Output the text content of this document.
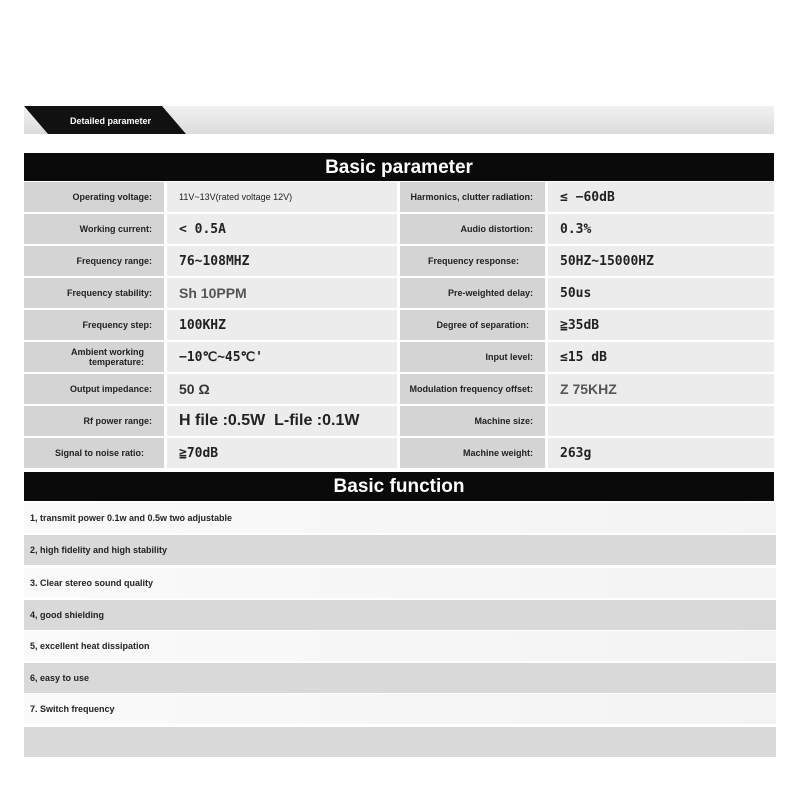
Detailed parameter
Basic parameter
Operating voltage:	11V~13V(rated voltage 12V)	Harmonics, clutter radiation:	≤ −60dB
Working current:	< 0.5A	Audio distortion:	0.3%
Frequency range:	76~108MHZ	Frequency response:	50HZ~15000HZ
Frequency stability:	Sh 10PPM	Pre-weighted delay:	50us
Frequency step:	100KHZ	Degree of separation:	≧35dB
Ambient working temperature:	−10℃~45℃'	Input level:	≤15 dB
Output impedance:	50 Ω	Modulation frequency offset:	Z 75KHZ
Rf power range:	H file :0.5W  L-file :0.1W	Machine size:
Signal to noise ratio:	≧70dB	Machine weight:	263g
Basic function
1, transmit power 0.1w and 0.5w two adjustable
2, high fidelity and high stability
3. Clear stereo sound quality
4, good shielding
5, excellent heat dissipation
6, easy to use
7. Switch frequency
